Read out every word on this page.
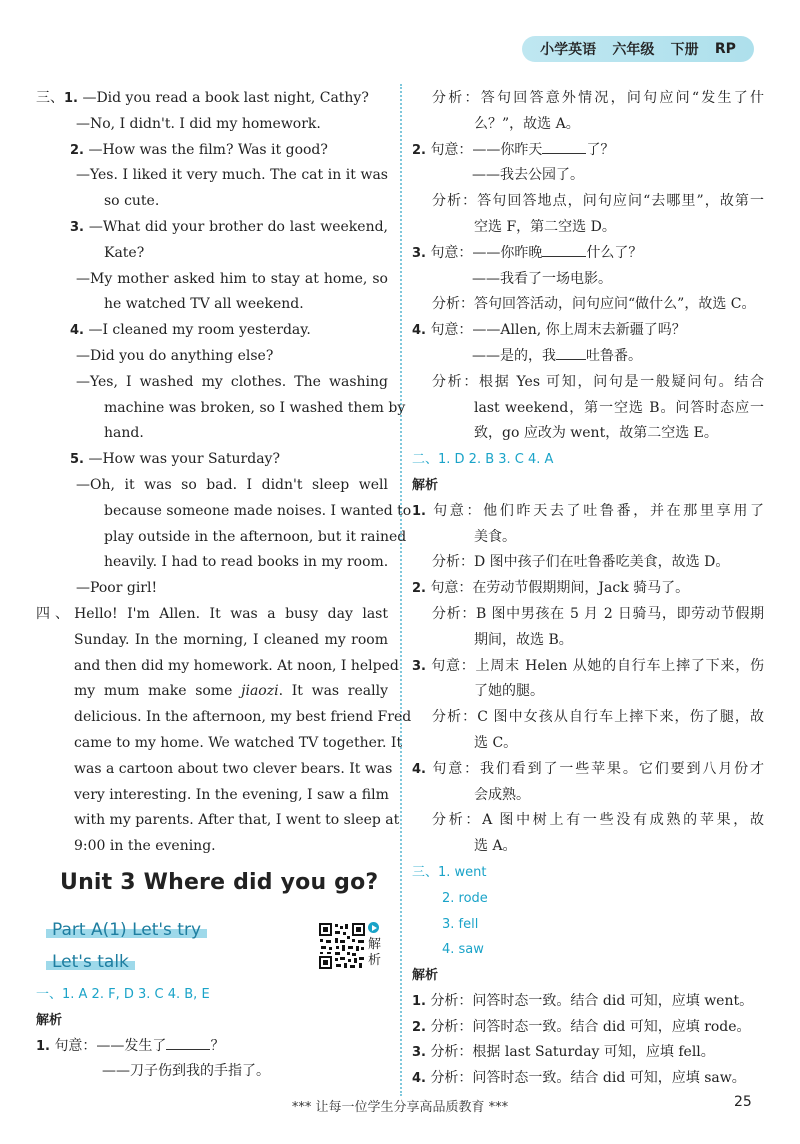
小学英语 六年级 下册 RP
三、1. —Did you read a book last night, Cathy?
—No, I didn't. I did my homework.
2. —How was the film? Was it good?
—Yes. I liked it very much. The cat in it was
so cute.
3. —What did your brother do last weekend,
Kate?
—My mother asked him to stay at home, so
he watched TV all weekend.
4. —I cleaned my room yesterday.
—Did you do anything else?
—Yes, I washed my clothes. The washing
machine was broken, so I washed them by
hand.
5. —How was your Saturday?
—Oh, it was so bad. I didn't sleep well
because someone made noises. I wanted to
play outside in the afternoon, but it rained
heavily. I had to read books in my room.
—Poor girl!
四、Hello! I'm Allen. It was a busy day last
Sunday. In the morning, I cleaned my room
and then did my homework. At noon, I helped
my mum make some jiaozi. It was really
delicious. In the afternoon, my best friend Fred
came to my home. We watched TV together. It
was a cartoon about two clever bears. It was
very interesting. In the evening, I saw a film
with my parents. After that, I went to sleep at
9:00 in the evening.
Unit 3 Where did you go?
Part A(1) Let's try
Let's talk
解析
一、1. A 2. F, D 3. C 4. B, E
解析
1. 句意：——发生了	？
——刀子伤到我的手指了。
分析：答句回答意外情况，问句应问“发生了什
么？”，故选 A。
2. 句意：——你昨天	了？
——我去公园了。
分析：答句回答地点，问句应问“去哪里”，故第一
空选 F，第二空选 D。
3. 句意：——你昨晚	什么了？
——我看了一场电影。
分析：答句回答活动，问句应问“做什么”，故选 C。
4. 句意：——Allen, 你上周末去新疆了吗？
——是的，我 吐鲁番。
分析：根据 Yes 可知，问句是一般疑问句。结合
last weekend，第一空选 B。问答时态应一
致，go 应改为 went，故第二空选 E。
二、1. D 2. B 3. C 4. A
解析
1. 句意：他们昨天去了吐鲁番，并在那里享用了
美食。
分析：D 图中孩子们在吐鲁番吃美食，故选 D。
2. 句意：在劳动节假期期间，Jack 骑马了。
分析：B 图中男孩在 5 月 2 日骑马，即劳动节假期
期间，故选 B。
3. 句意：上周末 Helen 从她的自行车上摔了下来，伤
了她的腿。
分析：C 图中女孩从自行车上摔下来，伤了腿，故
选 C。
4. 句意：我们看到了一些苹果。它们要到八月份才
会成熟。
分析：A 图中树上有一些没有成熟的苹果，故
选 A。
三、1. went
2. rode
3. fell
4. saw
解析
1. 分析：问答时态一致。结合 did 可知，应填 went。
2. 分析：问答时态一致。结合 did 可知，应填 rode。
3. 分析：根据 last Saturday 可知，应填 fell。
4. 分析：问答时态一致。结合 did 可知，应填 saw。
*** 让每一位学生分享高品质教育 ***	25
